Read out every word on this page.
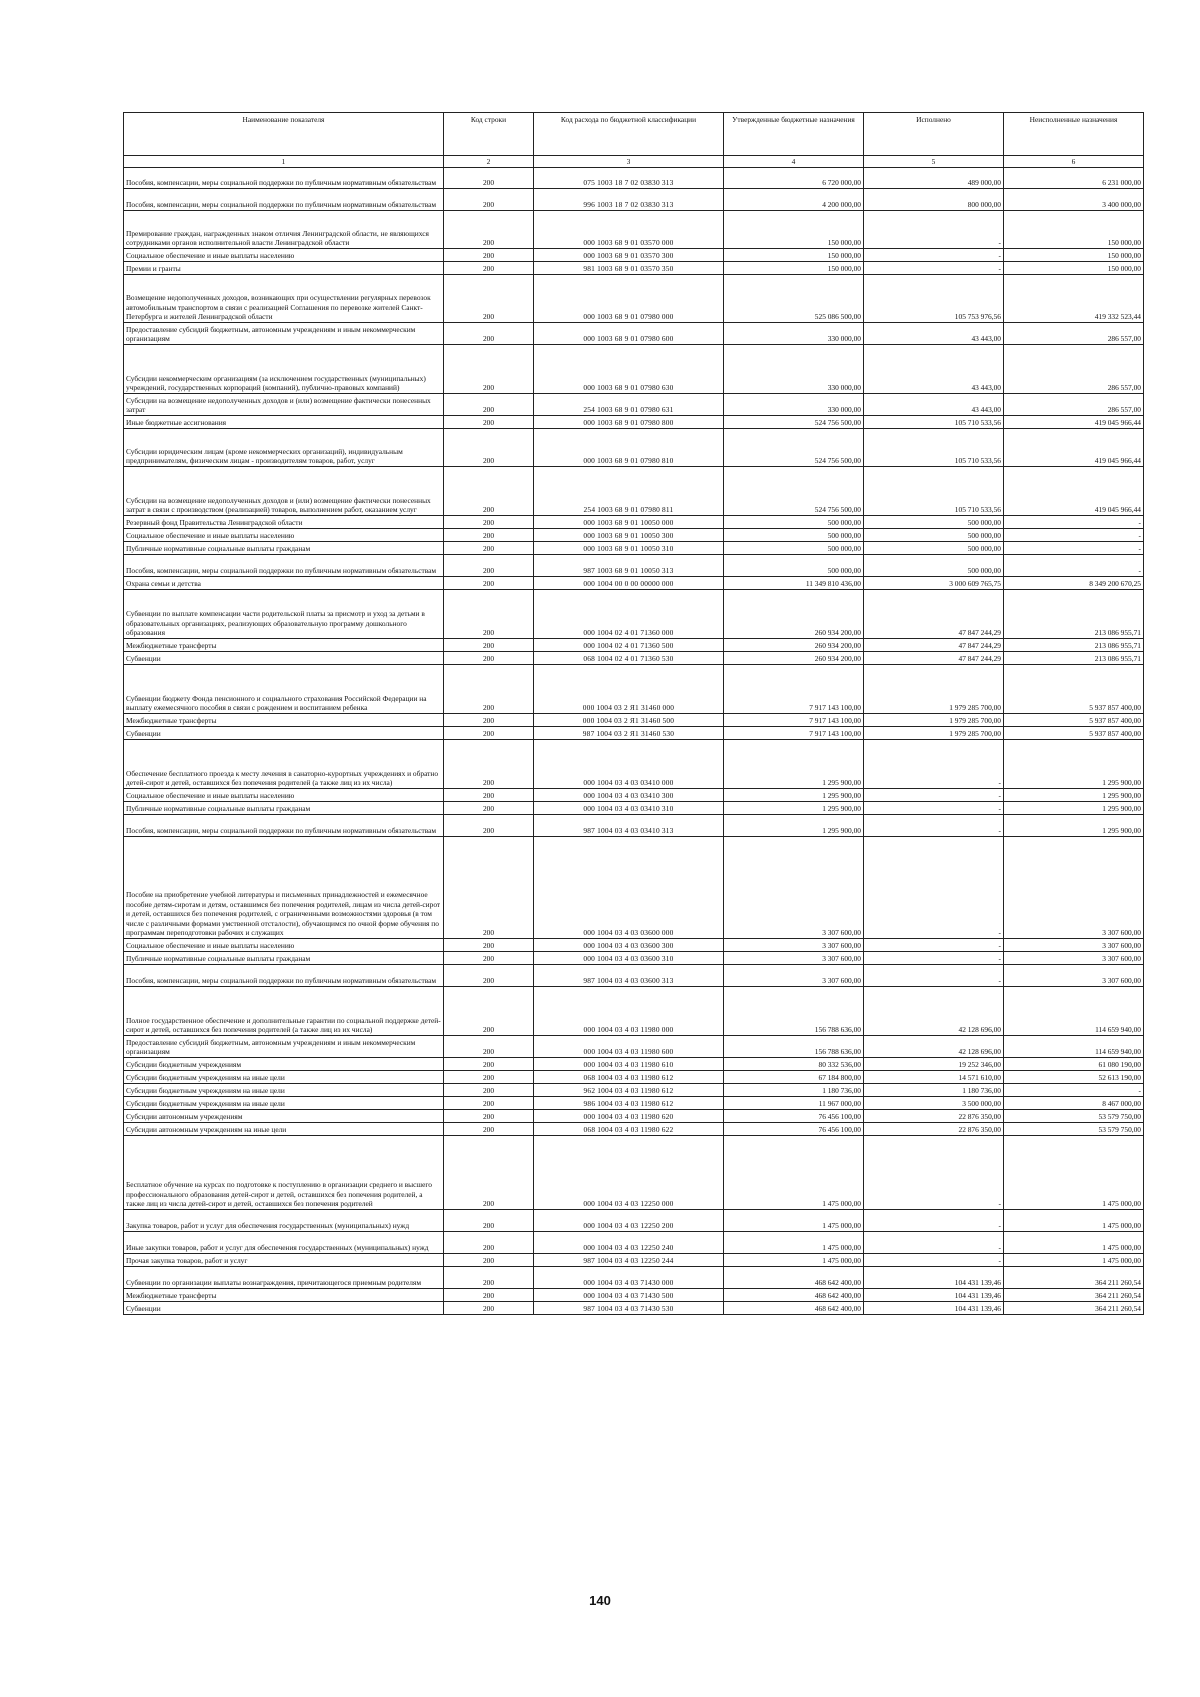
Наименование показателя	Код строки	Код расхода по бюджетной классификации	Утвержденные бюджетные назначения	Исполнено	Неисполненные назначения
1	2	3	4	5	6
Пособия, компенсации, меры социальной поддержки по публичным нормативным обязательствам	200	075 1003 18 7 02 03830 313	6 720 000,00	489 000,00	6 231 000,00
Пособия, компенсации, меры социальной поддержки по публичным нормативным обязательствам	200	996 1003 18 7 02 03830 313	4 200 000,00	800 000,00	3 400 000,00
Премирование граждан, награжденных знаком отличия Ленинградской области, не являющихся сотрудниками органов исполнительной власти Ленинградской области	200	000 1003 68 9 01 03570 000	150 000,00	-	150 000,00
Социальное обеспечение и иные выплаты населению	200	000 1003 68 9 01 03570 300	150 000,00	-	150 000,00
Премии и гранты	200	981 1003 68 9 01 03570 350	150 000,00	-	150 000,00
Возмещение недополученных доходов, возникающих при осуществлении регулярных перевозок автомобильным транспортом в связи с реализацией Соглашения по перевозке жителей Санкт-Петербурга и жителей Ленинградской области	200	000 1003 68 9 01 07980 000	525 086 500,00	105 753 976,56	419 332 523,44
Предоставление субсидий бюджетным, автономным учреждениям и иным некоммерческим организациям	200	000 1003 68 9 01 07980 600	330 000,00	43 443,00	286 557,00
Субсидии некоммерческим организациям (за исключением государственных (муниципальных) учреждений, государственных корпораций (компаний), публично-правовых компаний)	200	000 1003 68 9 01 07980 630	330 000,00	43 443,00	286 557,00
Субсидии на возмещение недополученных доходов и (или) возмещение фактически понесенных затрат	200	254 1003 68 9 01 07980 631	330 000,00	43 443,00	286 557,00
Иные бюджетные ассигнования	200	000 1003 68 9 01 07980 800	524 756 500,00	105 710 533,56	419 045 966,44
Субсидии юридическим лицам (кроме некоммерческих организаций), индивидуальным предпринимателям, физическим лицам - производителям товаров, работ, услуг	200	000 1003 68 9 01 07980 810	524 756 500,00	105 710 533,56	419 045 966,44
Субсидии на возмещение недополученных доходов и (или) возмещение фактически понесенных затрат в связи с производством (реализацией) товаров, выполнением работ, оказанием услуг	200	254 1003 68 9 01 07980 811	524 756 500,00	105 710 533,56	419 045 966,44
Резервный фонд Правительства Ленинградской области	200	000 1003 68 9 01 10050 000	500 000,00	500 000,00	-
Социальное обеспечение и иные выплаты населению	200	000 1003 68 9 01 10050 300	500 000,00	500 000,00	-
Публичные нормативные социальные выплаты гражданам	200	000 1003 68 9 01 10050 310	500 000,00	500 000,00	-
Пособия, компенсации, меры социальной поддержки по публичным нормативным обязательствам	200	987 1003 68 9 01 10050 313	500 000,00	500 000,00	-
Охрана семьи и детства	200	000 1004 00 0 00 00000 000	11 349 810 436,00	3 000 609 765,75	8 349 200 670,25
Субвенции по выплате компенсации части родительской платы за присмотр и уход за детьми в образовательных организациях, реализующих образовательную программу дошкольного образования	200	000 1004 02 4 01 71360 000	260 934 200,00	47 847 244,29	213 086 955,71
Межбюджетные трансферты	200	000 1004 02 4 01 71360 500	260 934 200,00	47 847 244,29	213 086 955,71
Субвенции	200	068 1004 02 4 01 71360 530	260 934 200,00	47 847 244,29	213 086 955,71
Субвенции бюджету Фонда пенсионного и социального страхования Российской Федерации на выплату ежемесячного пособия в связи с рождением и воспитанием ребенка	200	000 1004 03 2 Я1 31460 000	7 917 143 100,00	1 979 285 700,00	5 937 857 400,00
Межбюджетные трансферты	200	000 1004 03 2 Я1 31460 500	7 917 143 100,00	1 979 285 700,00	5 937 857 400,00
Субвенции	200	987 1004 03 2 Я1 31460 530	7 917 143 100,00	1 979 285 700,00	5 937 857 400,00
Обеспечение бесплатного проезда к месту лечения в санаторно-курортных учреждениях и обратно детей-сирот и детей, оставшихся без попечения родителей (а также лиц из их числа)	200	000 1004 03 4 03 03410 000	1 295 900,00	-	1 295 900,00
Социальное обеспечение и иные выплаты населению	200	000 1004 03 4 03 03410 300	1 295 900,00	-	1 295 900,00
Публичные нормативные социальные выплаты гражданам	200	000 1004 03 4 03 03410 310	1 295 900,00	-	1 295 900,00
Пособия, компенсации, меры социальной поддержки по публичным нормативным обязательствам	200	987 1004 03 4 03 03410 313	1 295 900,00	-	1 295 900,00
Пособие на приобретение учебной литературы и письменных принадлежностей и ежемесячное пособие детям-сиротам и детям, оставшимся без попечения родителей, лицам из числа детей-сирот и детей, оставшихся без попечения родителей, с ограниченными возможностями здоровья (в том числе с различными формами умственной отсталости), обучающимся по очной форме обучения по программам переподготовки рабочих и служащих	200	000 1004 03 4 03 03600 000	3 307 600,00	-	3 307 600,00
Социальное обеспечение и иные выплаты населению	200	000 1004 03 4 03 03600 300	3 307 600,00	-	3 307 600,00
Публичные нормативные социальные выплаты гражданам	200	000 1004 03 4 03 03600 310	3 307 600,00	-	3 307 600,00
Пособия, компенсации, меры социальной поддержки по публичным нормативным обязательствам	200	987 1004 03 4 03 03600 313	3 307 600,00	-	3 307 600,00
Полное государственное обеспечение и дополнительные гарантии по социальной поддержке детей-сирот и детей, оставшихся без попечения родителей (а также лиц из их числа)	200	000 1004 03 4 03 11980 000	156 788 636,00	42 128 696,00	114 659 940,00
Предоставление субсидий бюджетным, автономным учреждениям и иным некоммерческим организациям	200	000 1004 03 4 03 11980 600	156 788 636,00	42 128 696,00	114 659 940,00
Субсидии бюджетным учреждениям	200	000 1004 03 4 03 11980 610	80 332 536,00	19 252 346,00	61 080 190,00
Субсидии бюджетным учреждениям на иные цели	200	068 1004 03 4 03 11980 612	67 184 800,00	14 571 610,00	52 613 190,00
Субсидии бюджетным учреждениям на иные цели	200	962 1004 03 4 03 11980 612	1 180 736,00	1 180 736,00	-
Субсидии бюджетным учреждениям на иные цели	200	986 1004 03 4 03 11980 612	11 967 000,00	3 500 000,00	8 467 000,00
Субсидии автономным учреждениям	200	000 1004 03 4 03 11980 620	76 456 100,00	22 876 350,00	53 579 750,00
Субсидии автономным учреждениям на иные цели	200	068 1004 03 4 03 11980 622	76 456 100,00	22 876 350,00	53 579 750,00
Бесплатное обучение на курсах по подготовке к поступлению в организации среднего и высшего профессионального образования детей-сирот и детей, оставшихся без попечения родителей, а также лиц из числа детей-сирот и детей, оставшихся без попечения родителей	200	000 1004 03 4 03 12250 000	1 475 000,00	-	1 475 000,00
Закупка товаров, работ и услуг для обеспечения государственных (муниципальных) нужд	200	000 1004 03 4 03 12250 200	1 475 000,00	-	1 475 000,00
Иные закупки товаров, работ и услуг для обеспечения государственных (муниципальных) нужд	200	000 1004 03 4 03 12250 240	1 475 000,00	-	1 475 000,00
Прочая закупка товаров, работ и услуг	200	987 1004 03 4 03 12250 244	1 475 000,00	-	1 475 000,00
Субвенции по организации выплаты вознаграждения, причитающегося приемным родителям	200	000 1004 03 4 03 71430 000	468 642 400,00	104 431 139,46	364 211 260,54
Межбюджетные трансферты	200	000 1004 03 4 03 71430 500	468 642 400,00	104 431 139,46	364 211 260,54
Субвенции	200	987 1004 03 4 03 71430 530	468 642 400,00	104 431 139,46	364 211 260,54
140
